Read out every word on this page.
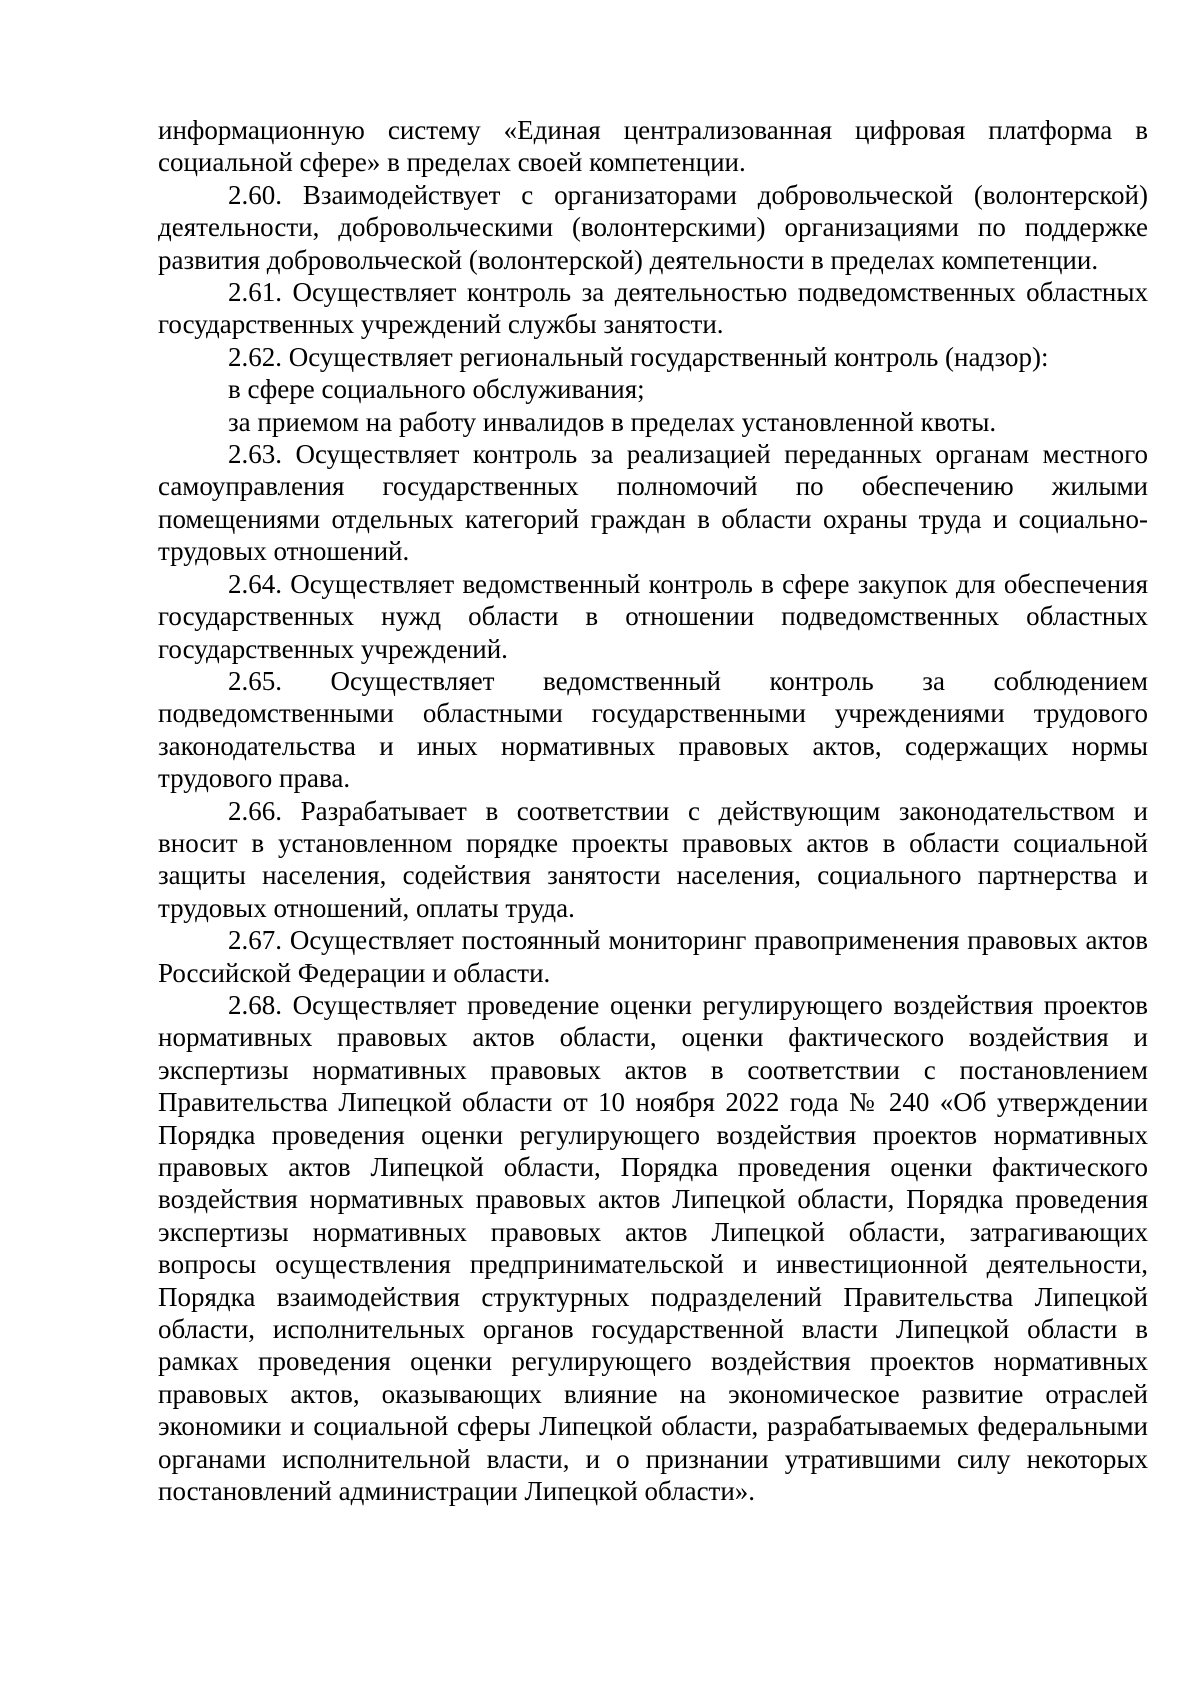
информационную систему «Единая централизованная цифровая платформа в социальной сфере» в пределах своей компетенции.

2.60. Взаимодействует с организаторами добровольческой (волонтерской) деятельности, добровольческими (волонтерскими) организациями по поддержке развития добровольческой (волонтерской) деятельности в пределах компетенции.

2.61. Осуществляет контроль за деятельностью подведомственных областных государственных учреждений службы занятости.

2.62. Осуществляет региональный государственный контроль (надзор):

в сфере социального обслуживания;

за приемом на работу инвалидов в пределах установленной квоты.

2.63. Осуществляет контроль за реализацией переданных органам местного самоуправления государственных полномочий по обеспечению жилыми помещениями отдельных категорий граждан в области охраны труда и социально-трудовых отношений.

2.64. Осуществляет ведомственный контроль в сфере закупок для обеспечения государственных нужд области в отношении подведомственных областных государственных учреждений.

2.65. Осуществляет ведомственный контроль за соблюдением подведомственными областными государственными учреждениями трудового законодательства и иных нормативных правовых актов, содержащих нормы трудового права.

2.66. Разрабатывает в соответствии с действующим законодательством и вносит в установленном порядке проекты правовых актов в области социальной защиты населения, содействия занятости населения, социального партнерства и трудовых отношений, оплаты труда.

2.67. Осуществляет постоянный мониторинг правоприменения правовых актов Российской Федерации и области.

2.68. Осуществляет проведение оценки регулирующего воздействия проектов нормативных правовых актов области, оценки фактического воздействия и экспертизы нормативных правовых актов в соответствии с постановлением Правительства Липецкой области от 10 ноября 2022 года № 240 «Об утверждении Порядка проведения оценки регулирующего воздействия проектов нормативных правовых актов Липецкой области, Порядка проведения оценки фактического воздействия нормативных правовых актов Липецкой области, Порядка проведения экспертизы нормативных правовых актов Липецкой области, затрагивающих вопросы осуществления предпринимательской и инвестиционной деятельности, Порядка взаимодействия структурных подразделений Правительства Липецкой области, исполнительных органов государственной власти Липецкой области в рамках проведения оценки регулирующего воздействия проектов нормативных правовых актов, оказывающих влияние на экономическое развитие отраслей экономики и социальной сферы Липецкой области, разрабатываемых федеральными органами исполнительной власти, и о признании утратившими силу некоторых постановлений администрации Липецкой области».
